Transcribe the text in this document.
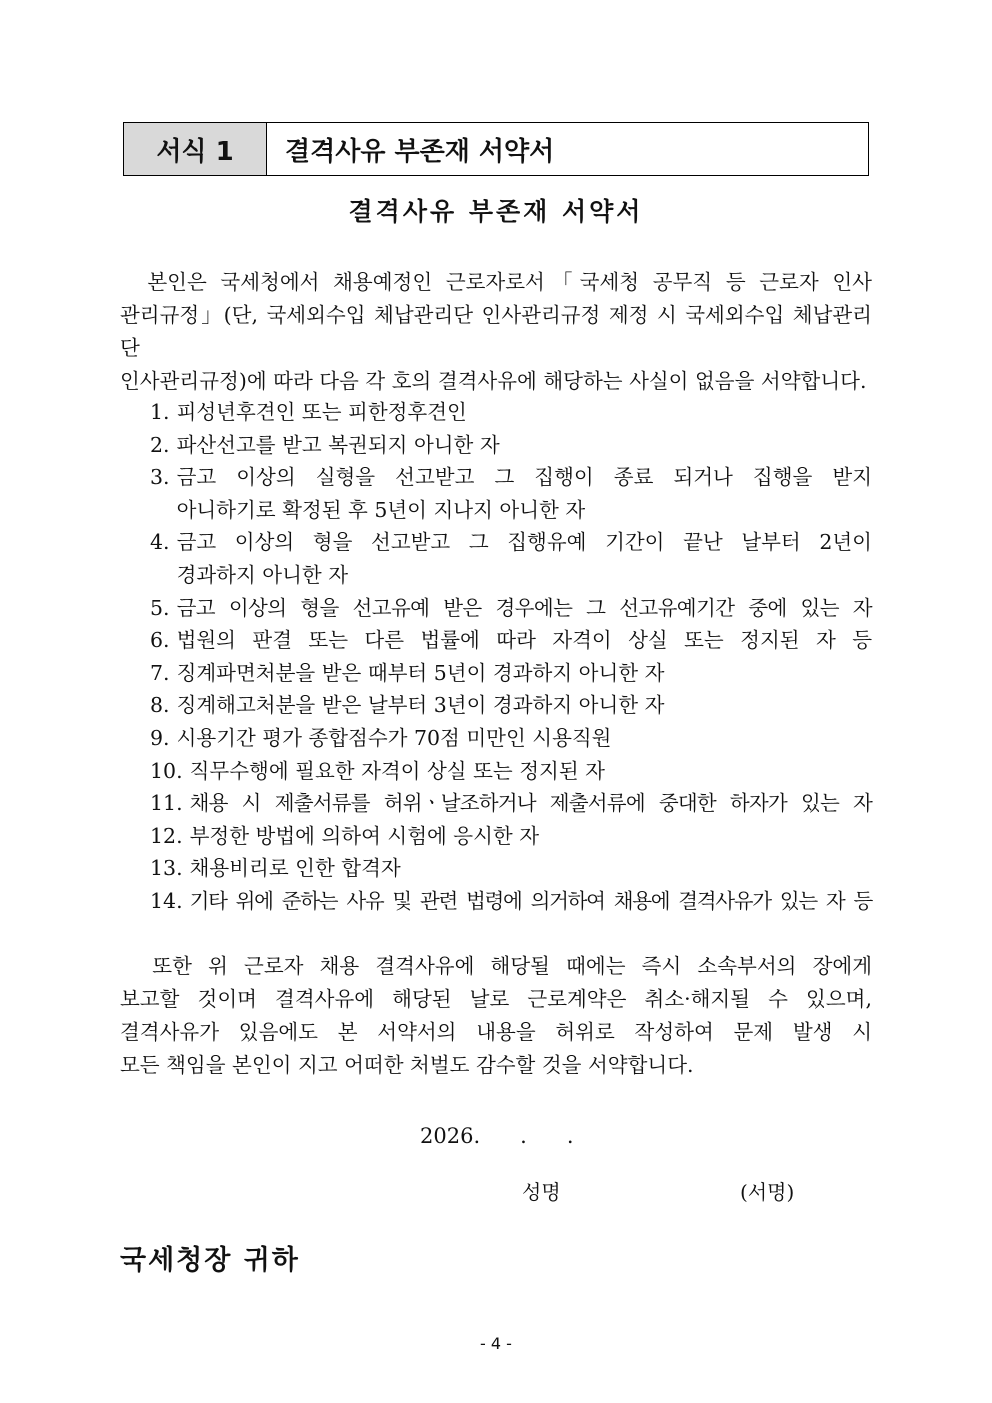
서식 1	결격사유 부존재 서약서
결격사유 부존재 서약서
본인은 국세청에서 채용예정인 근로자로서「국세청 공무직 등 근로자 인사
관리규정」(단, 국세외수입 체납관리단 인사관리규정 제정 시 국세외수입 체납관리단
인사관리규정)에 따라 다음 각 호의 결격사유에 해당하는 사실이 없음을 서약합니다.
1. 피성년후견인 또는 피한정후견인
2. 파산선고를 받고 복권되지 아니한 자
3. 금고 이상의 실형을 선고받고 그 집행이 종료 되거나 집행을 받지
아니하기로 확정된 후 5년이 지나지 아니한 자
4. 금고 이상의 형을 선고받고 그 집행유예 기간이 끝난 날부터 2년이
경과하지 아니한 자
5. 금고 이상의 형을 선고유예 받은 경우에는 그 선고유예기간 중에 있는 자
6. 법원의 판결 또는 다른 법률에 따라 자격이 상실 또는 정지된 자 등
7. 징계파면처분을 받은 때부터 5년이 경과하지 아니한 자
8. 징계해고처분을 받은 날부터 3년이 경과하지 아니한 자
9. 시용기간 평가 종합점수가 70점 미만인 시용직원
10. 직무수행에 필요한 자격이 상실 또는 정지된 자
11. 채용 시 제출서류를 허위ㆍ날조하거나 제출서류에 중대한 하자가 있는 자
12. 부정한 방법에 의하여 시험에 응시한 자
13. 채용비리로 인한 합격자
14. 기타 위에 준하는 사유 및 관련 법령에 의거하여 채용에 결격사유가 있는 자 등
또한 위 근로자 채용 결격사유에 해당될 때에는 즉시 소속부서의 장에게
보고할 것이며 결격사유에 해당된 날로 근로계약은 취소·해지될 수 있으며,
결격사유가 있음에도 본 서약서의 내용을 허위로 작성하여 문제 발생 시
모든 책임을 본인이 지고 어떠한 처벌도 감수할 것을 서약합니다.
2026.      .      .
성명	(서명)
국세청장 귀하
- 4 -
